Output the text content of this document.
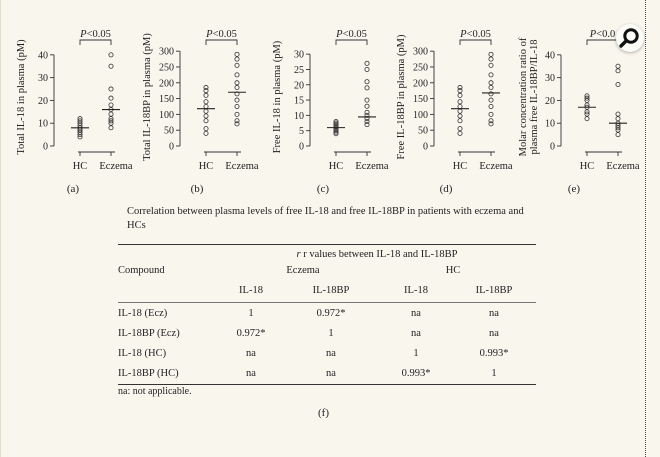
0
10
20
30
40
HC Eczema
Total IL-18 in plasma (pM)
P<0.05
0
50
100
150
200
250
300
HC Eczema
Total IL-18BP in plasma (pM)	P<0.05
0
5
10
15
20
25
30
HC Eczema
Free IL-18 in plasma (pM)
P<0.05
0
50
100
150
200
250
300
HC Eczema
Free IL-18BP in plasma (pM)	P<0.05
0
10
20
30
40
HC Eczema
Molar concentration ratio of plasma free IL-18BP/IL-18
P<0.0
(a)	(b)	(c)	(d)	(e)
Correlation between plasma levels of free IL-18 and free IL-18BP in patients with eczema and HCs
r r values between IL-18 and IL-18BP
Compound	Eczema	HC
IL-18	IL-18BP	IL-18	IL-18BP
IL-18 (Ecz)	1	0.972*	na	na
IL-18BP (Ecz)	0.972*	1	na	na
IL-18 (HC)	na	na	1	0.993*
IL-18BP (HC)	na	na	0.993*	1
na: not applicable.
(f)
